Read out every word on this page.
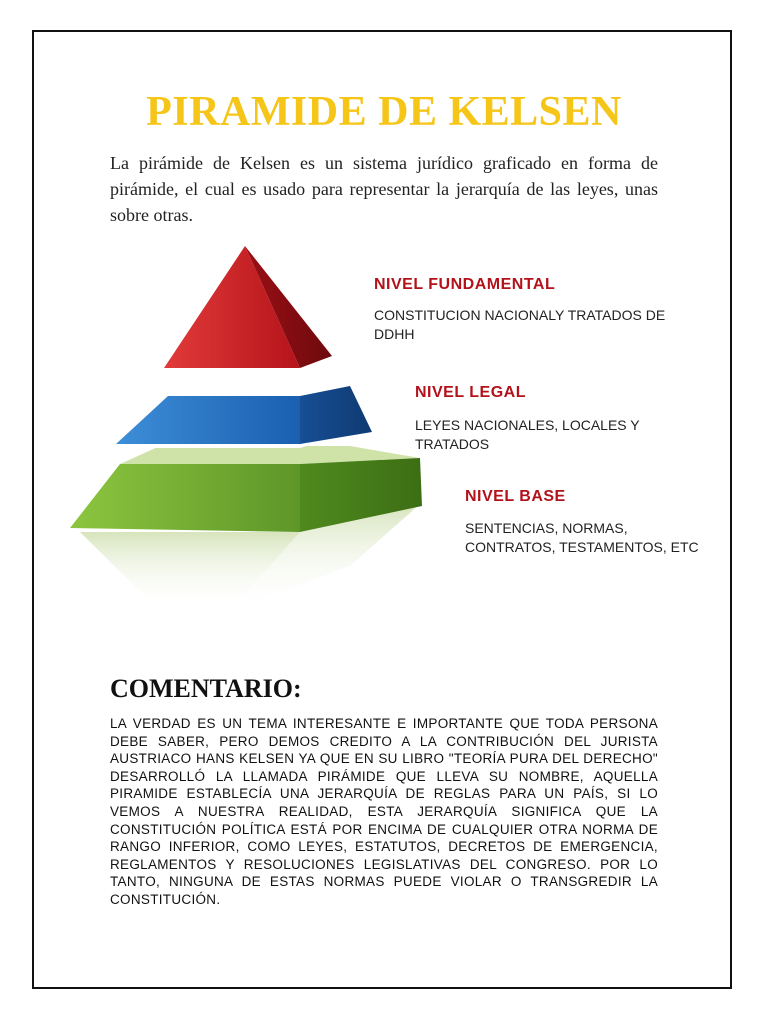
PIRAMIDE DE KELSEN

La pirámide de Kelsen es un sistema jurídico graficado en forma de pirámide, el cual es usado para representar la jerarquía de las leyes, unas sobre otras.

NIVEL FUNDAMENTAL

CONSTITUCION NACIONALY TRATADOS DE DDHH

NIVEL LEGAL

LEYES NACIONALES, LOCALES Y TRATADOS

NIVEL BASE

SENTENCIAS, NORMAS, CONTRATOS, TESTAMENTOS, ETC

COMENTARIO:

LA VERDAD ES UN TEMA INTERESANTE E IMPORTANTE QUE TODA PERSONA DEBE SABER, PERO DEMOS CREDITO A LA CONTRIBUCIÓN DEL JURISTA AUSTRIACO HANS KELSEN YA QUE EN SU LIBRO "TEORÍA PURA DEL DERECHO" DESARROLLÓ LA LLAMADA PIRÁMIDE QUE LLEVA SU NOMBRE, AQUELLA PIRAMIDE ESTABLECÍA UNA JERARQUÍA DE REGLAS PARA UN PAÍS, SI LO VEMOS A NUESTRA REALIDAD, ESTA JERARQUÍA SIGNIFICA QUE LA CONSTITUCIÓN POLÍTICA ESTÁ POR ENCIMA DE CUALQUIER OTRA NORMA DE RANGO INFERIOR, COMO LEYES, ESTATUTOS, DECRETOS DE EMERGENCIA, REGLAMENTOS Y RESOLUCIONES LEGISLATIVAS DEL CONGRESO. POR LO TANTO, NINGUNA DE ESTAS NORMAS PUEDE VIOLAR O TRANSGREDIR LA CONSTITUCIÓN.
